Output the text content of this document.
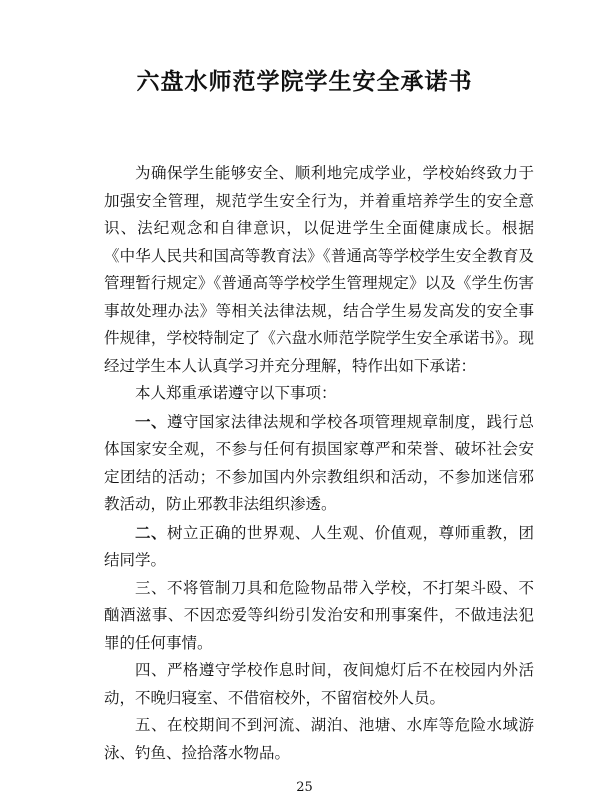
六盘水师范学院学生安全承诺书

为确保学生能够安全、顺利地完成学业，学校始终致力于加强安全管理，规范学生安全行为，并着重培养学生的安全意识、法纪观念和自律意识，以促进学生全面健康成长。根据《中华人民共和国高等教育法》《普通高等学校学生安全教育及管理暂行规定》《普通高等学校学生管理规定》以及《学生伤害事故处理办法》等相关法律法规，结合学生易发高发的安全事件规律，学校特制定了《六盘水师范学院学生安全承诺书》。现经过学生本人认真学习并充分理解，特作出如下承诺：

本人郑重承诺遵守以下事项：

一、遵守国家法律法规和学校各项管理规章制度，践行总体国家安全观，不参与任何有损国家尊严和荣誉、破坏社会安定团结的活动；不参加国内外宗教组织和活动，不参加迷信邪教活动，防止邪教非法组织渗透。

二、树立正确的世界观、人生观、价值观，尊师重教，团结同学。

三、不将管制刀具和危险物品带入学校，不打架斗殴、不酗酒滋事、不因恋爱等纠纷引发治安和刑事案件，不做违法犯罪的任何事情。

四、严格遵守学校作息时间，夜间熄灯后不在校园内外活动，不晚归寝室、不借宿校外，不留宿校外人员。

五、在校期间不到河流、湖泊、池塘、水库等危险水域游泳、钓鱼、捡拾落水物品。

25
